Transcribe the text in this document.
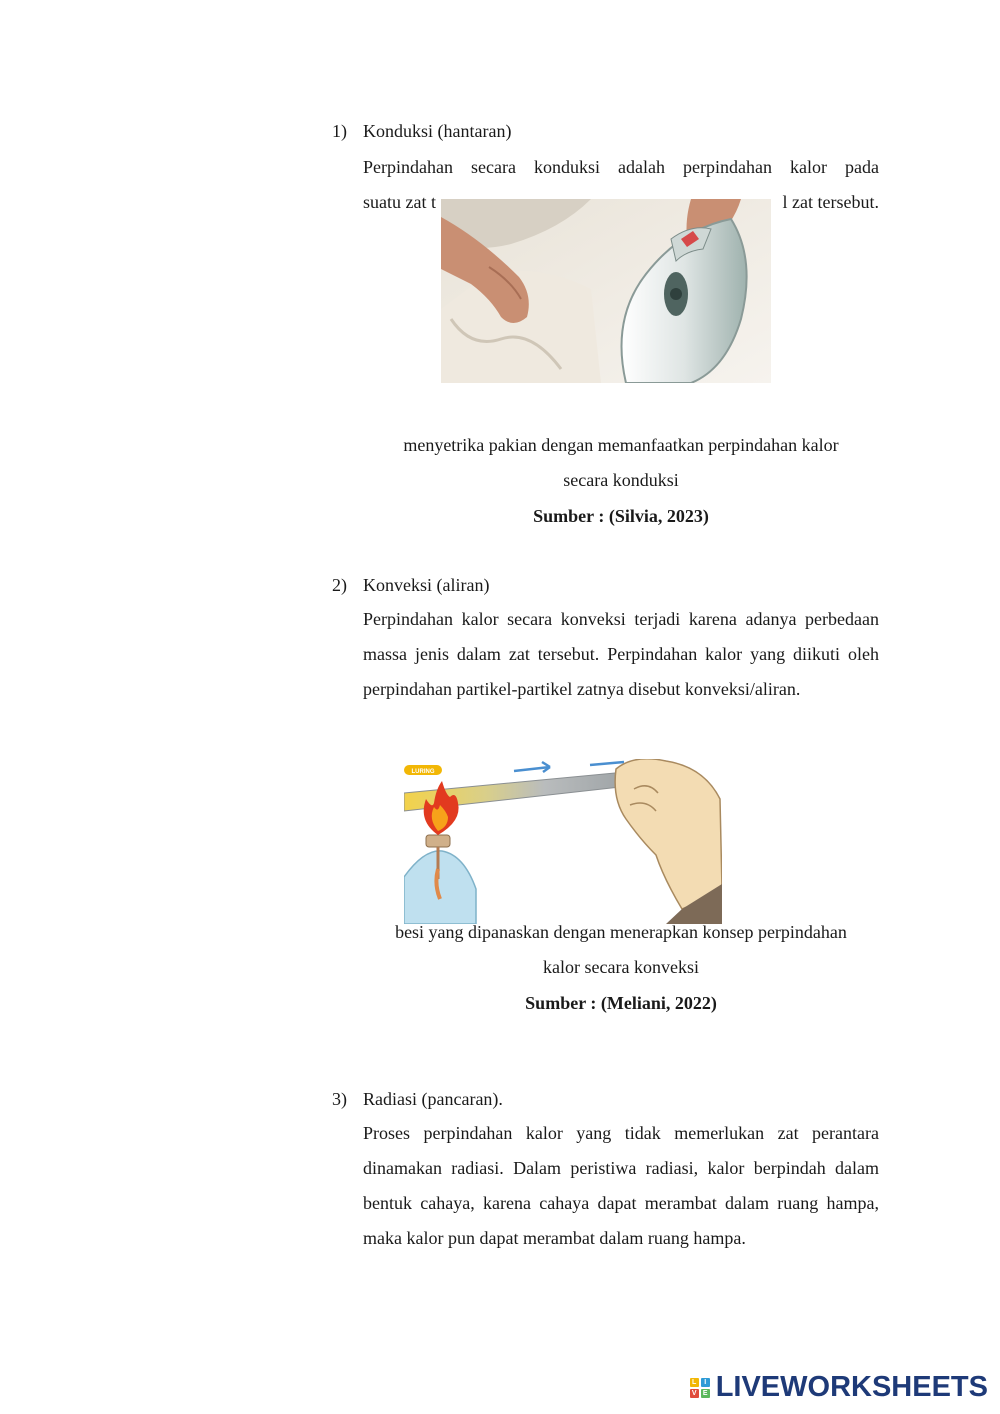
1) Konduksi (hantaran)

Perpindahan secara konduksi adalah perpindahan kalor pada

suatu zat t	l zat tersebut.

menyetrika pakian dengan memanfaatkan perpindahan kalor

secara konduksi

Sumber : (Silvia, 2023)
2) Konveksi (aliran)

Perpindahan kalor secara konveksi terjadi karena adanya perbedaan massa jenis dalam zat tersebut. Perpindahan kalor yang diikuti oleh perpindahan partikel-partikel zatnya disebut konveksi/aliran.

LURING

besi yang dipanaskan dengan menerapkan konsep perpindahan

kalor secara konveksi

Sumber : (Meliani, 2022)
3) Radiasi (pancaran).

Proses perpindahan kalor yang tidak memerlukan zat perantara dinamakan radiasi. Dalam peristiwa radiasi, kalor berpindah dalam bentuk cahaya, karena cahaya dapat merambat dalam ruang hampa, maka kalor pun dapat merambat dalam ruang hampa.

L	I
V E LIVEWORKSHEETS
